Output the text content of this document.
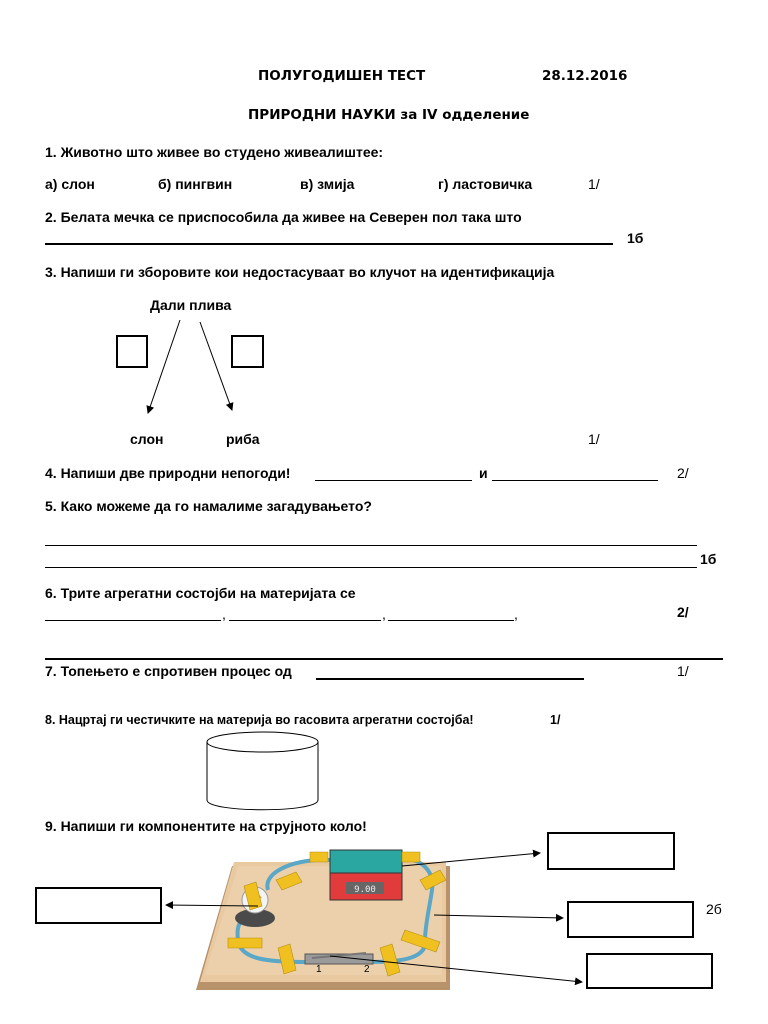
ПОЛУГОДИШЕН ТЕСТ	28.12.2016
ПРИРОДНИ НАУКИ за IV одделение
1. Животно што живее во студено живеалиштее:
а) слон	б) пингвин	в) змија	г) ластовичка	1/
2. Белата мечка се приспособила да живее на Северен пол така што
1б
3. Напиши ги зборовите кои недостасуваат во клучот на идентификација
Дали плива
слон	риба	1/
4. Напиши две природни непогоди!	и	2/
5. Како можеме да го намалиме загадувањето?
1б
6. Трите агрегатни состојби на материјата се
,	,	,	2/
7. Топењето е спротивен процес од	1/
8. Нацртај ги честичките на материја во гасовита агрегатни состојба!	1/
9. Напиши ги компонентите на струјното коло!
2б
9.00
1	2
